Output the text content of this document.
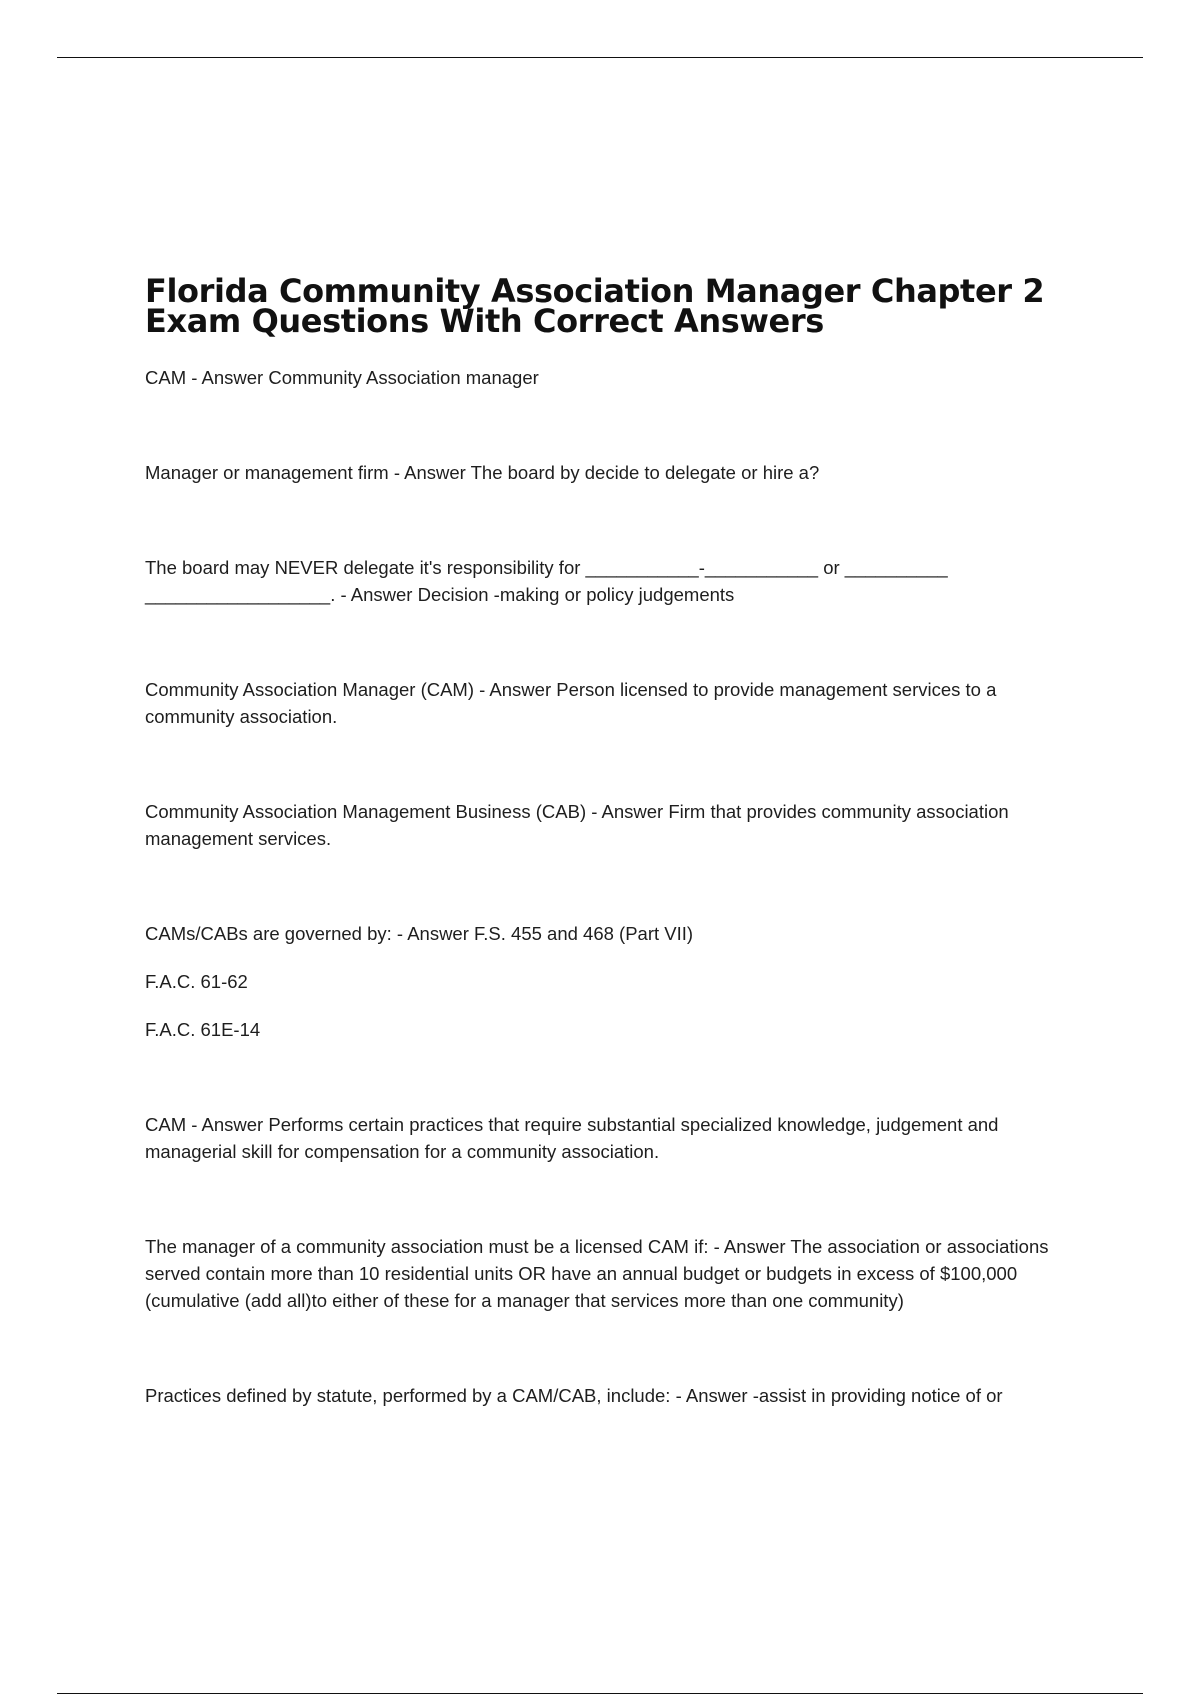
Florida Community Association Manager Chapter 2 Exam Questions With Correct Answers

CAM - Answer Community Association manager

Manager or management firm - Answer The board by decide to delegate or hire a?

The board may NEVER delegate it's responsibility for ___________-___________ or __________ __________________. - Answer Decision -making or policy judgements

Community Association Manager (CAM) - Answer Person licensed to provide management services to a community association.

Community Association Management Business (CAB) - Answer Firm that provides community association management services.

CAMs/CABs are governed by: - Answer F.S. 455 and 468 (Part VII)

F.A.C. 61-62

F.A.C. 61E-14

CAM - Answer Performs certain practices that require substantial specialized knowledge, judgement and managerial skill for compensation for a community association.

The manager of a community association must be a licensed CAM if: - Answer The association or associations served contain more than 10 residential units OR have an annual budget or budgets in excess of $100,000 (cumulative (add all)to either of these for a manager that services more than one community)

Practices defined by statute, performed by a CAM/CAB, include: - Answer -assist in providing notice of or
